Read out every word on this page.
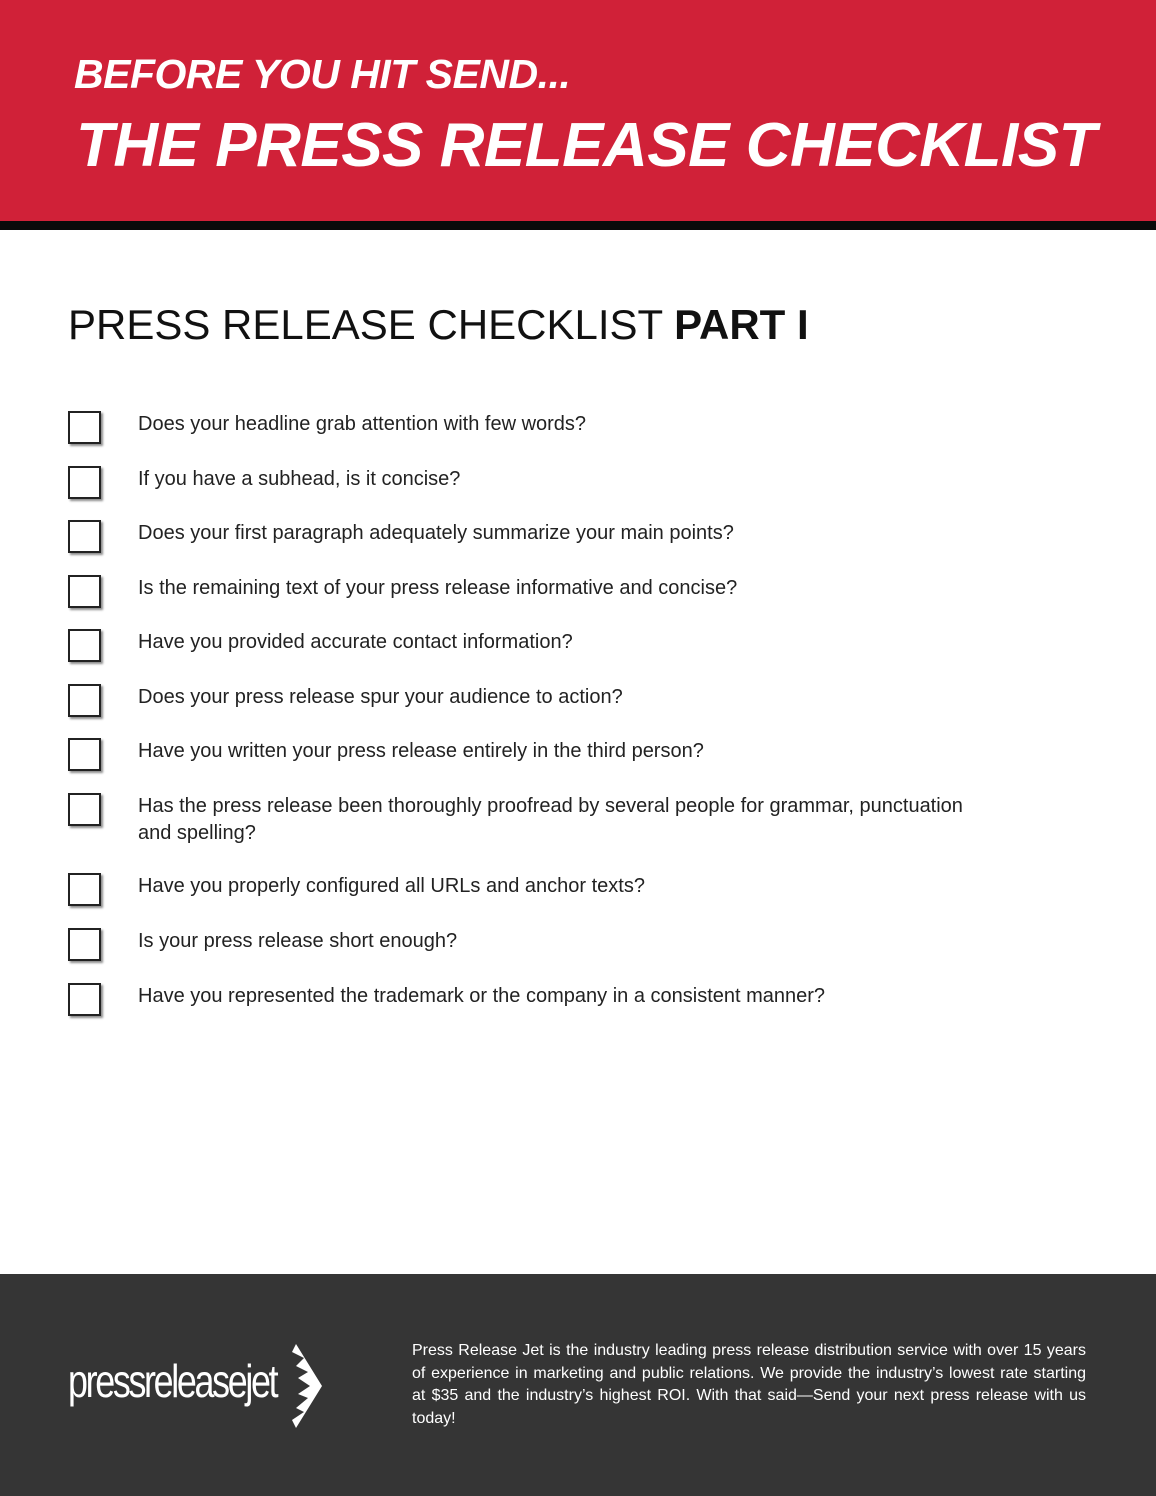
BEFORE YOU HIT SEND...
THE PRESS RELEASE CHECKLIST
PRESS RELEASE CHECKLIST PART I
Does your headline grab attention with few words?
If you have a subhead, is it concise?
Does your first paragraph adequately summarize your main points?
Is the remaining text of your press release informative and concise?
Have you provided accurate contact information?
Does your press release spur your audience to action?
Have you written your press release entirely in the third person?
Has the press release been thoroughly proofread by several people for grammar, punctuation and spelling?
Have you properly configured all URLs and anchor texts?
Is your press release short enough?
Have you represented the trademark or the company in a consistent manner?
pressreleasejet

Press Release Jet is the industry leading press release distribution service with over 15 years of experience in marketing and public relations. We provide the industry’s lowest rate starting at $35 and the industry’s highest ROI. With that said—Send your next press release with us today!
